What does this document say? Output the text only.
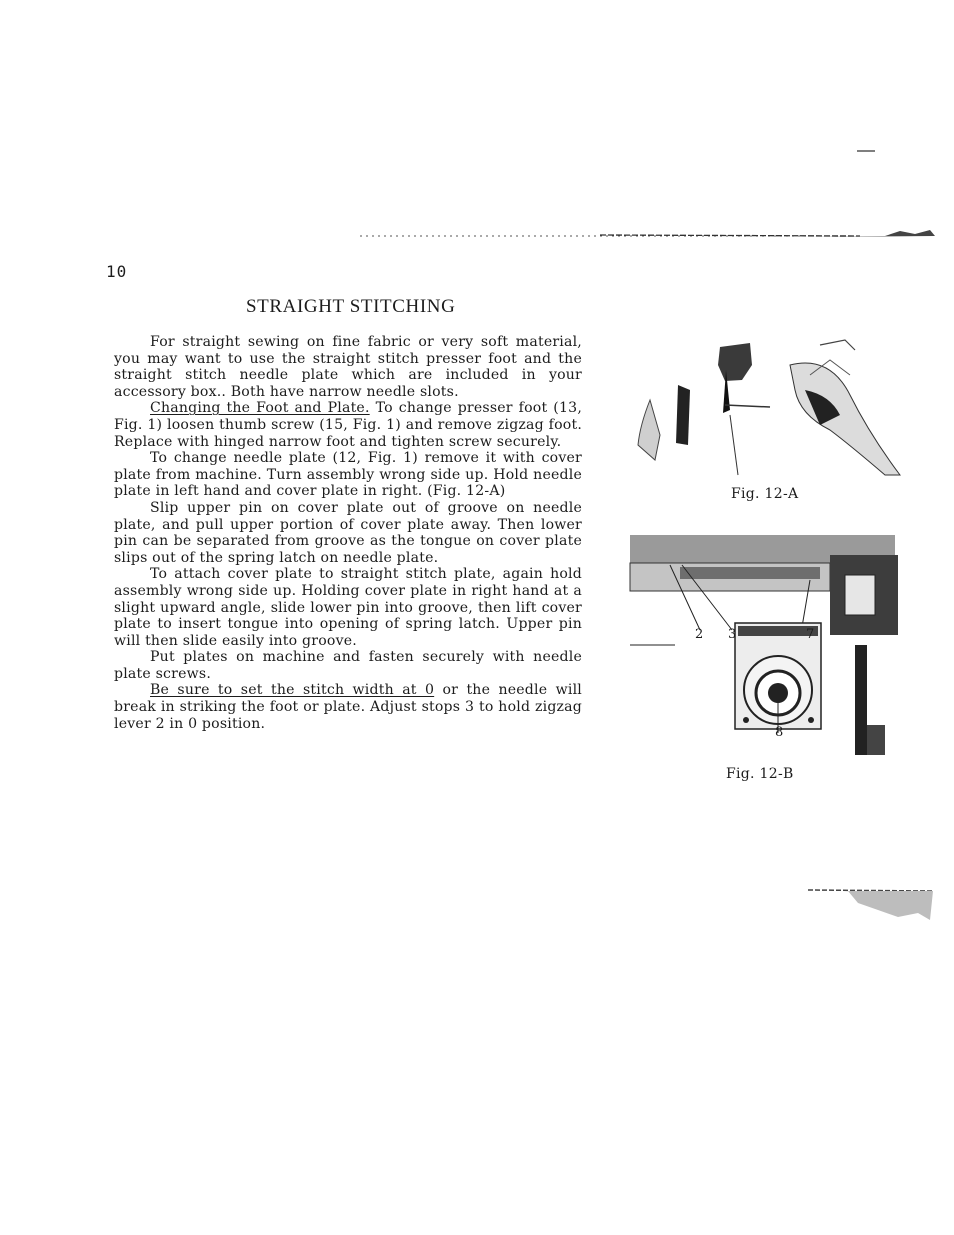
10
STRAIGHT STITCHING

For straight sewing on fine fabric or very soft material, you may want to use the straight stitch presser foot and the straight stitch needle plate which are included in your accessory box.. Both have narrow needle slots.

Changing the Foot and Plate. To change presser foot (13, Fig. 1) loosen thumb screw (15, Fig. 1) and remove zigzag foot. Replace with hinged narrow foot and tighten screw securely.

To change needle plate (12, Fig. 1) remove it with cover plate from machine. Turn assembly wrong side up. Hold needle plate in left hand and cover plate in right. (Fig. 12-A)

Slip upper pin on cover plate out of groove on needle plate, and pull upper portion of cover plate away. Then lower pin can be separated from groove as the tongue on cover plate slips out of the spring latch on needle plate.

To attach cover plate to straight stitch plate, again hold assembly wrong side up. Holding cover plate in right hand at a slight upward angle, slide lower pin into groove, then lift cover plate to insert tongue into opening of spring latch. Upper pin will then slide easily into groove.

Put plates on machine and fasten securely with needle plate screws.

Be sure to set the stitch width at 0 or the needle will break in striking the foot or plate. Adjust stops 3 to hold zigzag lever 2 in 0 position.

Fig. 12-A
2 3	7
8
Fig. 12-B
